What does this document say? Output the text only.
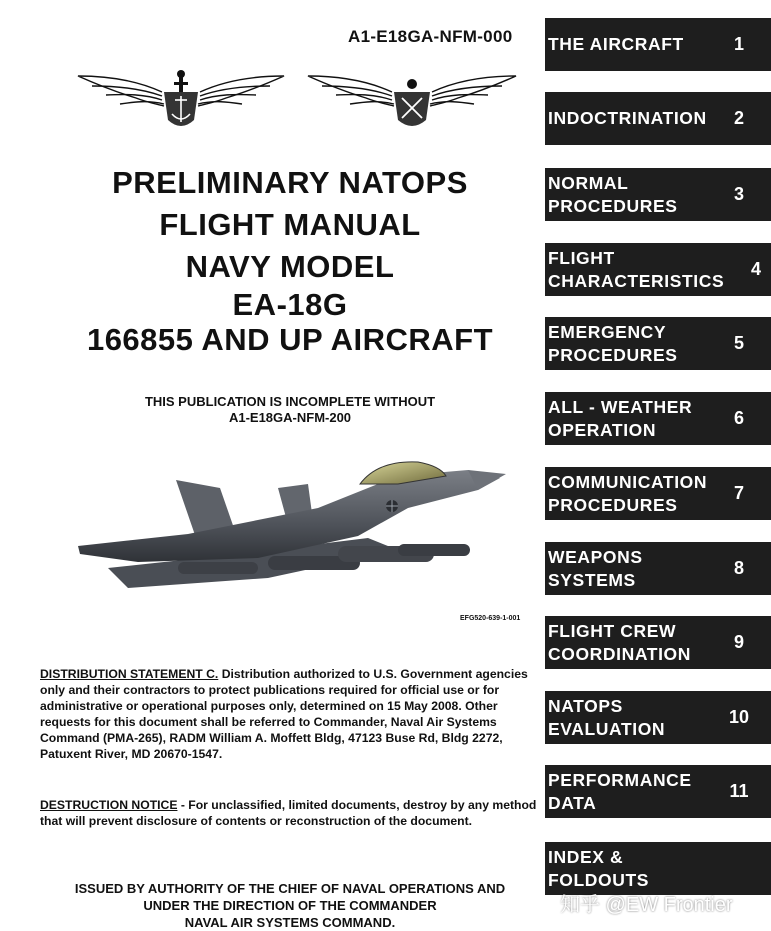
A1-E18GA-NFM-000
PRELIMINARY NATOPS
FLIGHT MANUAL
NAVY MODEL
EA-18G
166855 AND UP AIRCRAFT
THIS PUBLICATION IS INCOMPLETE WITHOUT
A1-E18GA-NFM-200
EFG520-639-1-001
DISTRIBUTION STATEMENT C. Distribution authorized to U.S. Government agencies only and their contractors to protect publications required for official use or for administrative or operational purposes only, determined on 15 May 2008. Other requests for this document shall be referred to Commander, Naval Air Systems Command (PMA-265), RADM William A. Moffett Bldg, 47123 Buse Rd, Bldg 2272, Patuxent River, MD 20670-1547.
DESTRUCTION NOTICE - For unclassified, limited documents, destroy by any method that will prevent disclosure of contents or reconstruction of the document.
ISSUED BY AUTHORITY OF THE CHIEF OF NAVAL OPERATIONS AND
UNDER THE DIRECTION OF THE COMMANDER
NAVAL AIR SYSTEMS COMMAND.
THE AIRCRAFT	1
INDOCTRINATION	2
NORMAL
PROCEDURES
3
FLIGHT
CHARACTERISTICS
4
EMERGENCY
PROCEDURES
5
ALL - WEATHER
OPERATION
6
COMMUNICATION
PROCEDURES
7
WEAPONS
SYSTEMS
8
FLIGHT CREW
COORDINATION
9
NATOPS
EVALUATION
10
PERFORMANCE
DATA
11
INDEX &
FOLDOUTS
知乎 @EW Frontier
